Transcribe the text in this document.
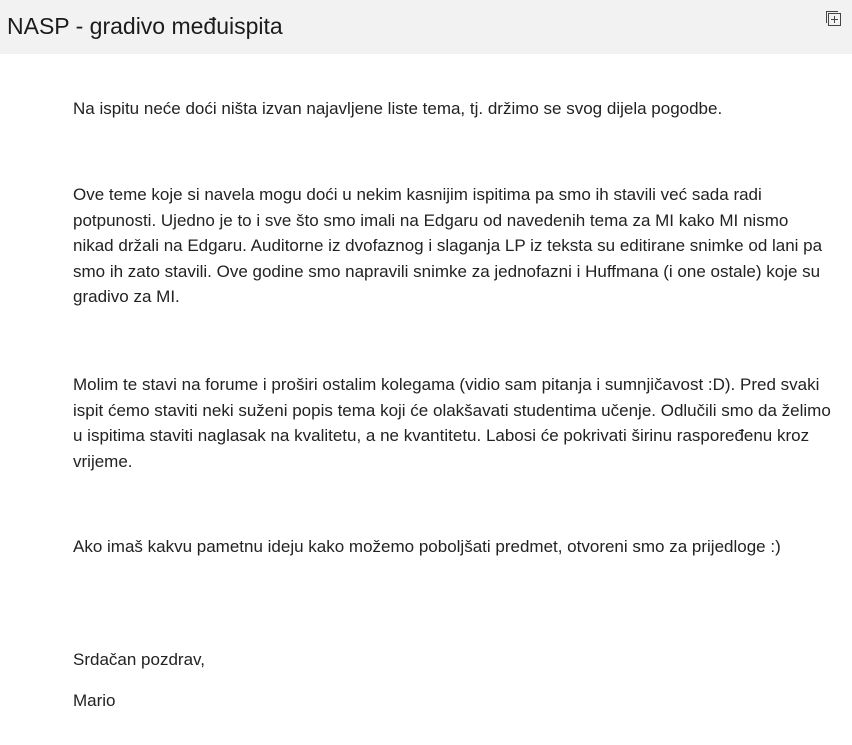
NASP - gradivo međuispita

Na ispitu neće doći ništa izvan najavljene liste tema, tj. držimo se svog dijela pogodbe.

Ove teme koje si navela mogu doći u nekim kasnijim ispitima pa smo ih stavili već sada radi potpunosti. Ujedno je to i sve što smo imali na Edgaru od navedenih tema za MI kako MI nismo nikad držali na Edgaru. Auditorne iz dvofaznog i slaganja LP iz teksta su editirane snimke od lani pa smo ih zato stavili. Ove godine smo napravili snimke za jednofazni i Huffmana (i one ostale) koje su gradivo za MI.

Molim te stavi na forume i proširi ostalim kolegama (vidio sam pitanja i sumnjičavost :D). Pred svaki ispit ćemo staviti neki suženi popis tema koji će olakšavati studentima učenje. Odlučili smo da želimo u ispitima staviti naglasak na kvalitetu, a ne kvantitetu. Labosi će pokrivati širinu raspoređenu kroz vrijeme.

Ako imaš kakvu pametnu ideju kako možemo poboljšati predmet, otvoreni smo za prijedloge :)

Srdačan pozdrav,

Mario
